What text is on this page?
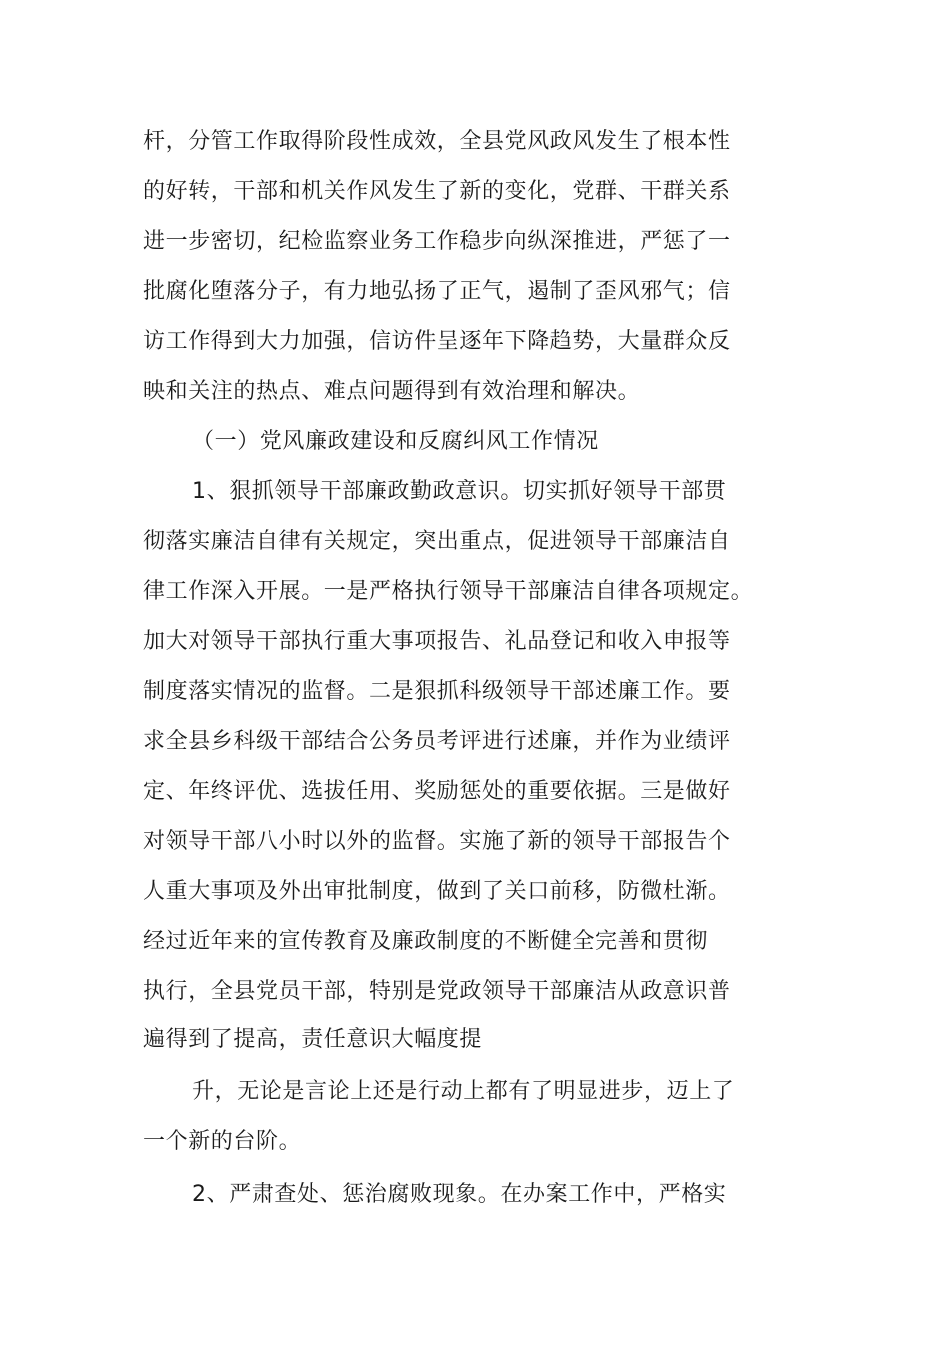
杆，分管工作取得阶段性成效，全县党风政风发生了根本性
的好转，干部和机关作风发生了新的变化，党群、干群关系
进一步密切，纪检监察业务工作稳步向纵深推进，严惩了一
批腐化堕落分子，有力地弘扬了正气，遏制了歪风邪气；信
访工作得到大力加强，信访件呈逐年下降趋势，大量群众反
映和关注的热点、难点问题得到有效治理和解决。
（一）党风廉政建设和反腐纠风工作情况
1、狠抓领导干部廉政勤政意识。切实抓好领导干部贯
彻落实廉洁自律有关规定，突出重点，促进领导干部廉洁自
律工作深入开展。一是严格执行领导干部廉洁自律各项规定。
加大对领导干部执行重大事项报告、礼品登记和收入申报等
制度落实情况的监督。二是狠抓科级领导干部述廉工作。要
求全县乡科级干部结合公务员考评进行述廉，并作为业绩评
定、年终评优、选拔任用、奖励惩处的重要依据。三是做好
对领导干部八小时以外的监督。实施了新的领导干部报告个
人重大事项及外出审批制度，做到了关口前移，防微杜渐。
经过近年来的宣传教育及廉政制度的不断健全完善和贯彻
执行，全县党员干部，特别是党政领导干部廉洁从政意识普
遍得到了提高，责任意识大幅度提
升，无论是言论上还是行动上都有了明显进步，迈上了
一个新的台阶。
2、严肃查处、惩治腐败现象。在办案工作中，严格实
